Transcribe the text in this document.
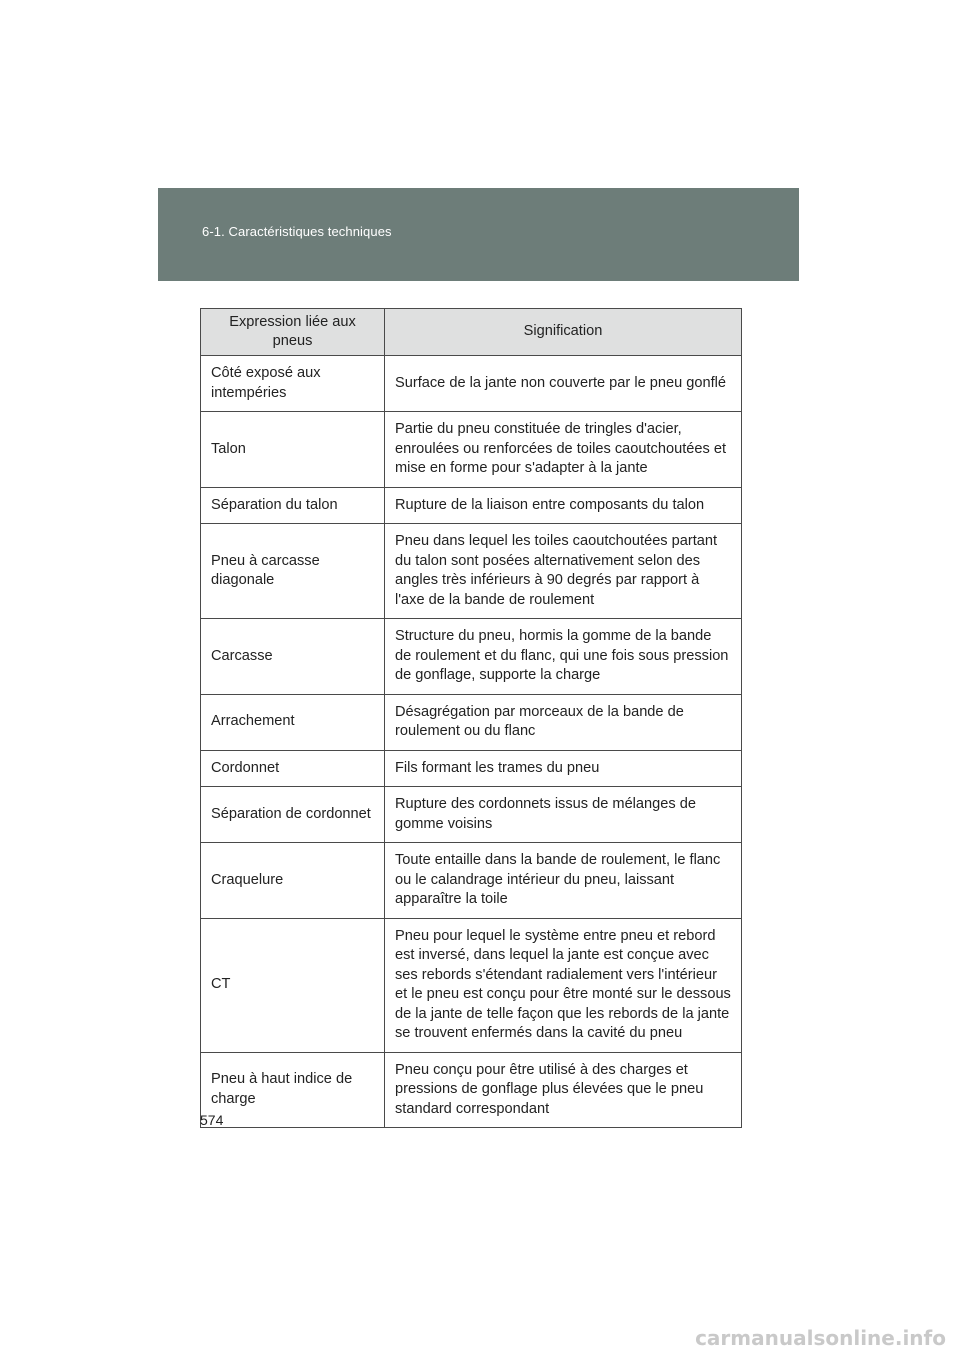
6-1. Caractéristiques techniques
Expression liée aux pneus	Signification
Côté exposé aux intempéries	Surface de la jante non couverte par le pneu gonflé
Talon	Partie du pneu constituée de tringles d'acier, enroulées ou renforcées de toiles caoutchoutées et mise en forme pour s'adapter à la jante
Séparation du talon	Rupture de la liaison entre composants du talon
Pneu à carcasse diagonale	Pneu dans lequel les toiles caoutchoutées partant du talon sont posées alternativement selon des angles très inférieurs à 90 degrés par rapport à l'axe de la bande de roulement
Carcasse	Structure du pneu, hormis la gomme de la bande de roulement et du flanc, qui une fois sous pression de gonflage, supporte la charge
Arrachement	Désagrégation par morceaux de la bande de roulement ou du flanc
Cordonnet	Fils formant les trames du pneu
Séparation de cordonnet	Rupture des cordonnets issus de mélanges de gomme voisins
Craquelure	Toute entaille dans la bande de roulement, le flanc ou le calandrage intérieur du pneu, laissant apparaître la toile
CT	Pneu pour lequel le système entre pneu et rebord est inversé, dans lequel la jante est conçue avec ses rebords s'étendant radialement vers l'intérieur et le pneu est conçu pour être monté sur le dessous de la jante de telle façon que les rebords de la jante se trouvent enfermés dans la cavité du pneu
Pneu à haut indice de charge	Pneu conçu pour être utilisé à des charges et pressions de gonflage plus élevées que le pneu standard correspondant
574
carmanualsonline.info
